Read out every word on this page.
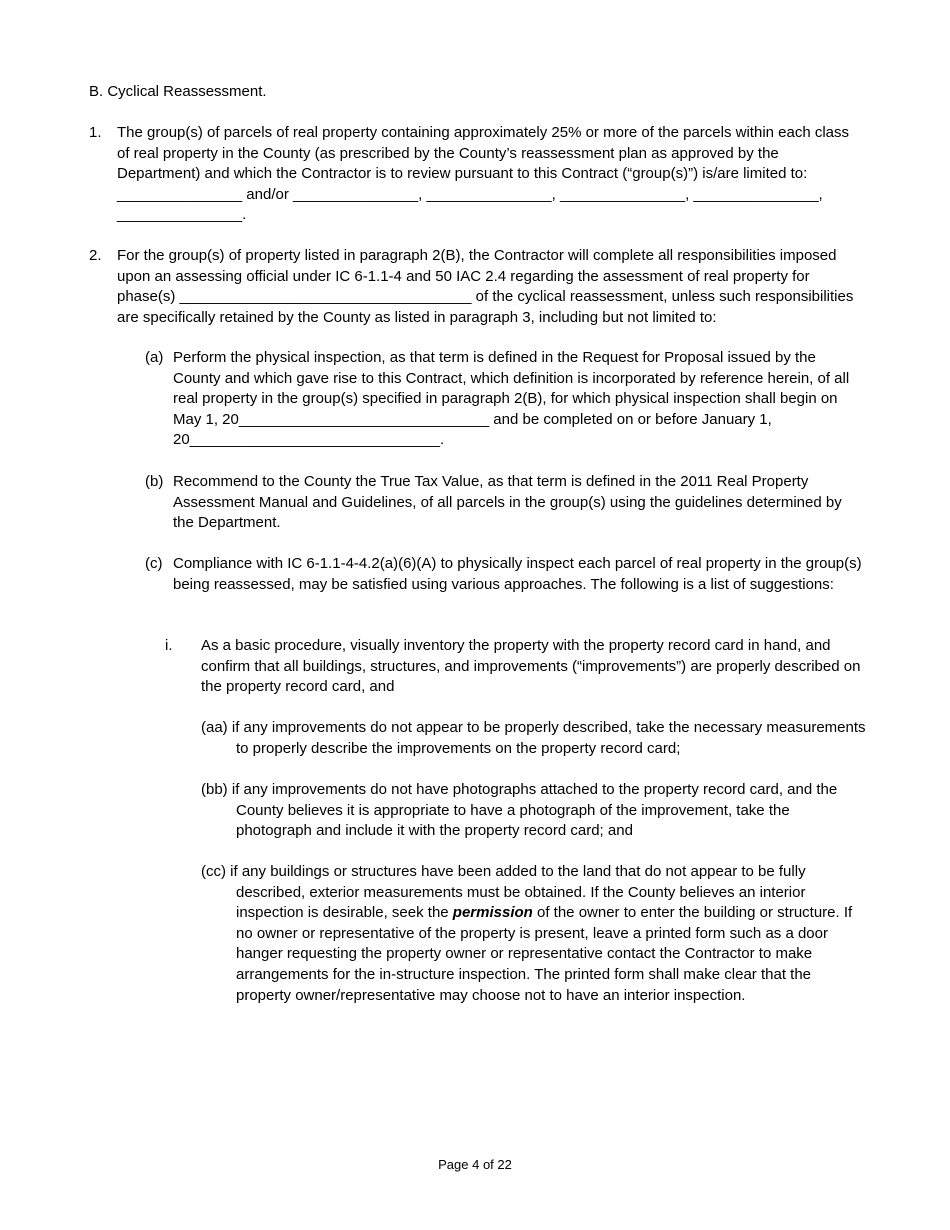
B. Cyclical Reassessment.
1. The group(s) of parcels of real property containing approximately 25% or more of the parcels within each class of real property in the County (as prescribed by the County’s reassessment plan as approved by the Department) and which the Contractor is to review pursuant to this Contract (“group(s)”) is/are limited to: _______________ and/or _______________, _______________, _______________, _______________, _______________.
2. For the group(s) of property listed in paragraph 2(B), the Contractor will complete all responsibilities imposed upon an assessing official under IC 6-1.1-4 and 50 IAC 2.4 regarding the assessment of real property for phase(s) ___________________________________ of the cyclical reassessment, unless such responsibilities are specifically retained by the County as listed in paragraph 3, including but not limited to:
(a) Perform the physical inspection, as that term is defined in the Request for Proposal issued by the County and which gave rise to this Contract, which definition is incorporated by reference herein, of all real property in the group(s) specified in paragraph 2(B), for which physical inspection shall begin on May 1, 20______________________________ and be completed on or before January 1, 20______________________________.
(b) Recommend to the County the True Tax Value, as that term is defined in the 2011 Real Property Assessment Manual and Guidelines, of all parcels in the group(s) using the guidelines determined by the Department.
(c) Compliance with IC 6-1.1-4-4.2(a)(6)(A) to physically inspect each parcel of real property in the group(s) being reassessed, may be satisfied using various approaches. The following is a list of suggestions:
i. As a basic procedure, visually inventory the property with the property record card in hand, and confirm that all buildings, structures, and improvements (“improvements”) are properly described on the property record card, and
(aa) if any improvements do not appear to be properly described, take the necessary measurements to properly describe the improvements on the property record card;
(bb) if any improvements do not have photographs attached to the property record card, and the County believes it is appropriate to have a photograph of the improvement, take the photograph and include it with the property record card; and
(cc) if any buildings or structures have been added to the land that do not appear to be fully described, exterior measurements must be obtained. If the County believes an interior inspection is desirable, seek the permission of the owner to enter the building or structure. If no owner or representative of the property is present, leave a printed form such as a door hanger requesting the property owner or representative contact the Contractor to make arrangements for the in-structure inspection. The printed form shall make clear that the property owner/representative may choose not to have an interior inspection.
Page 4 of 22
